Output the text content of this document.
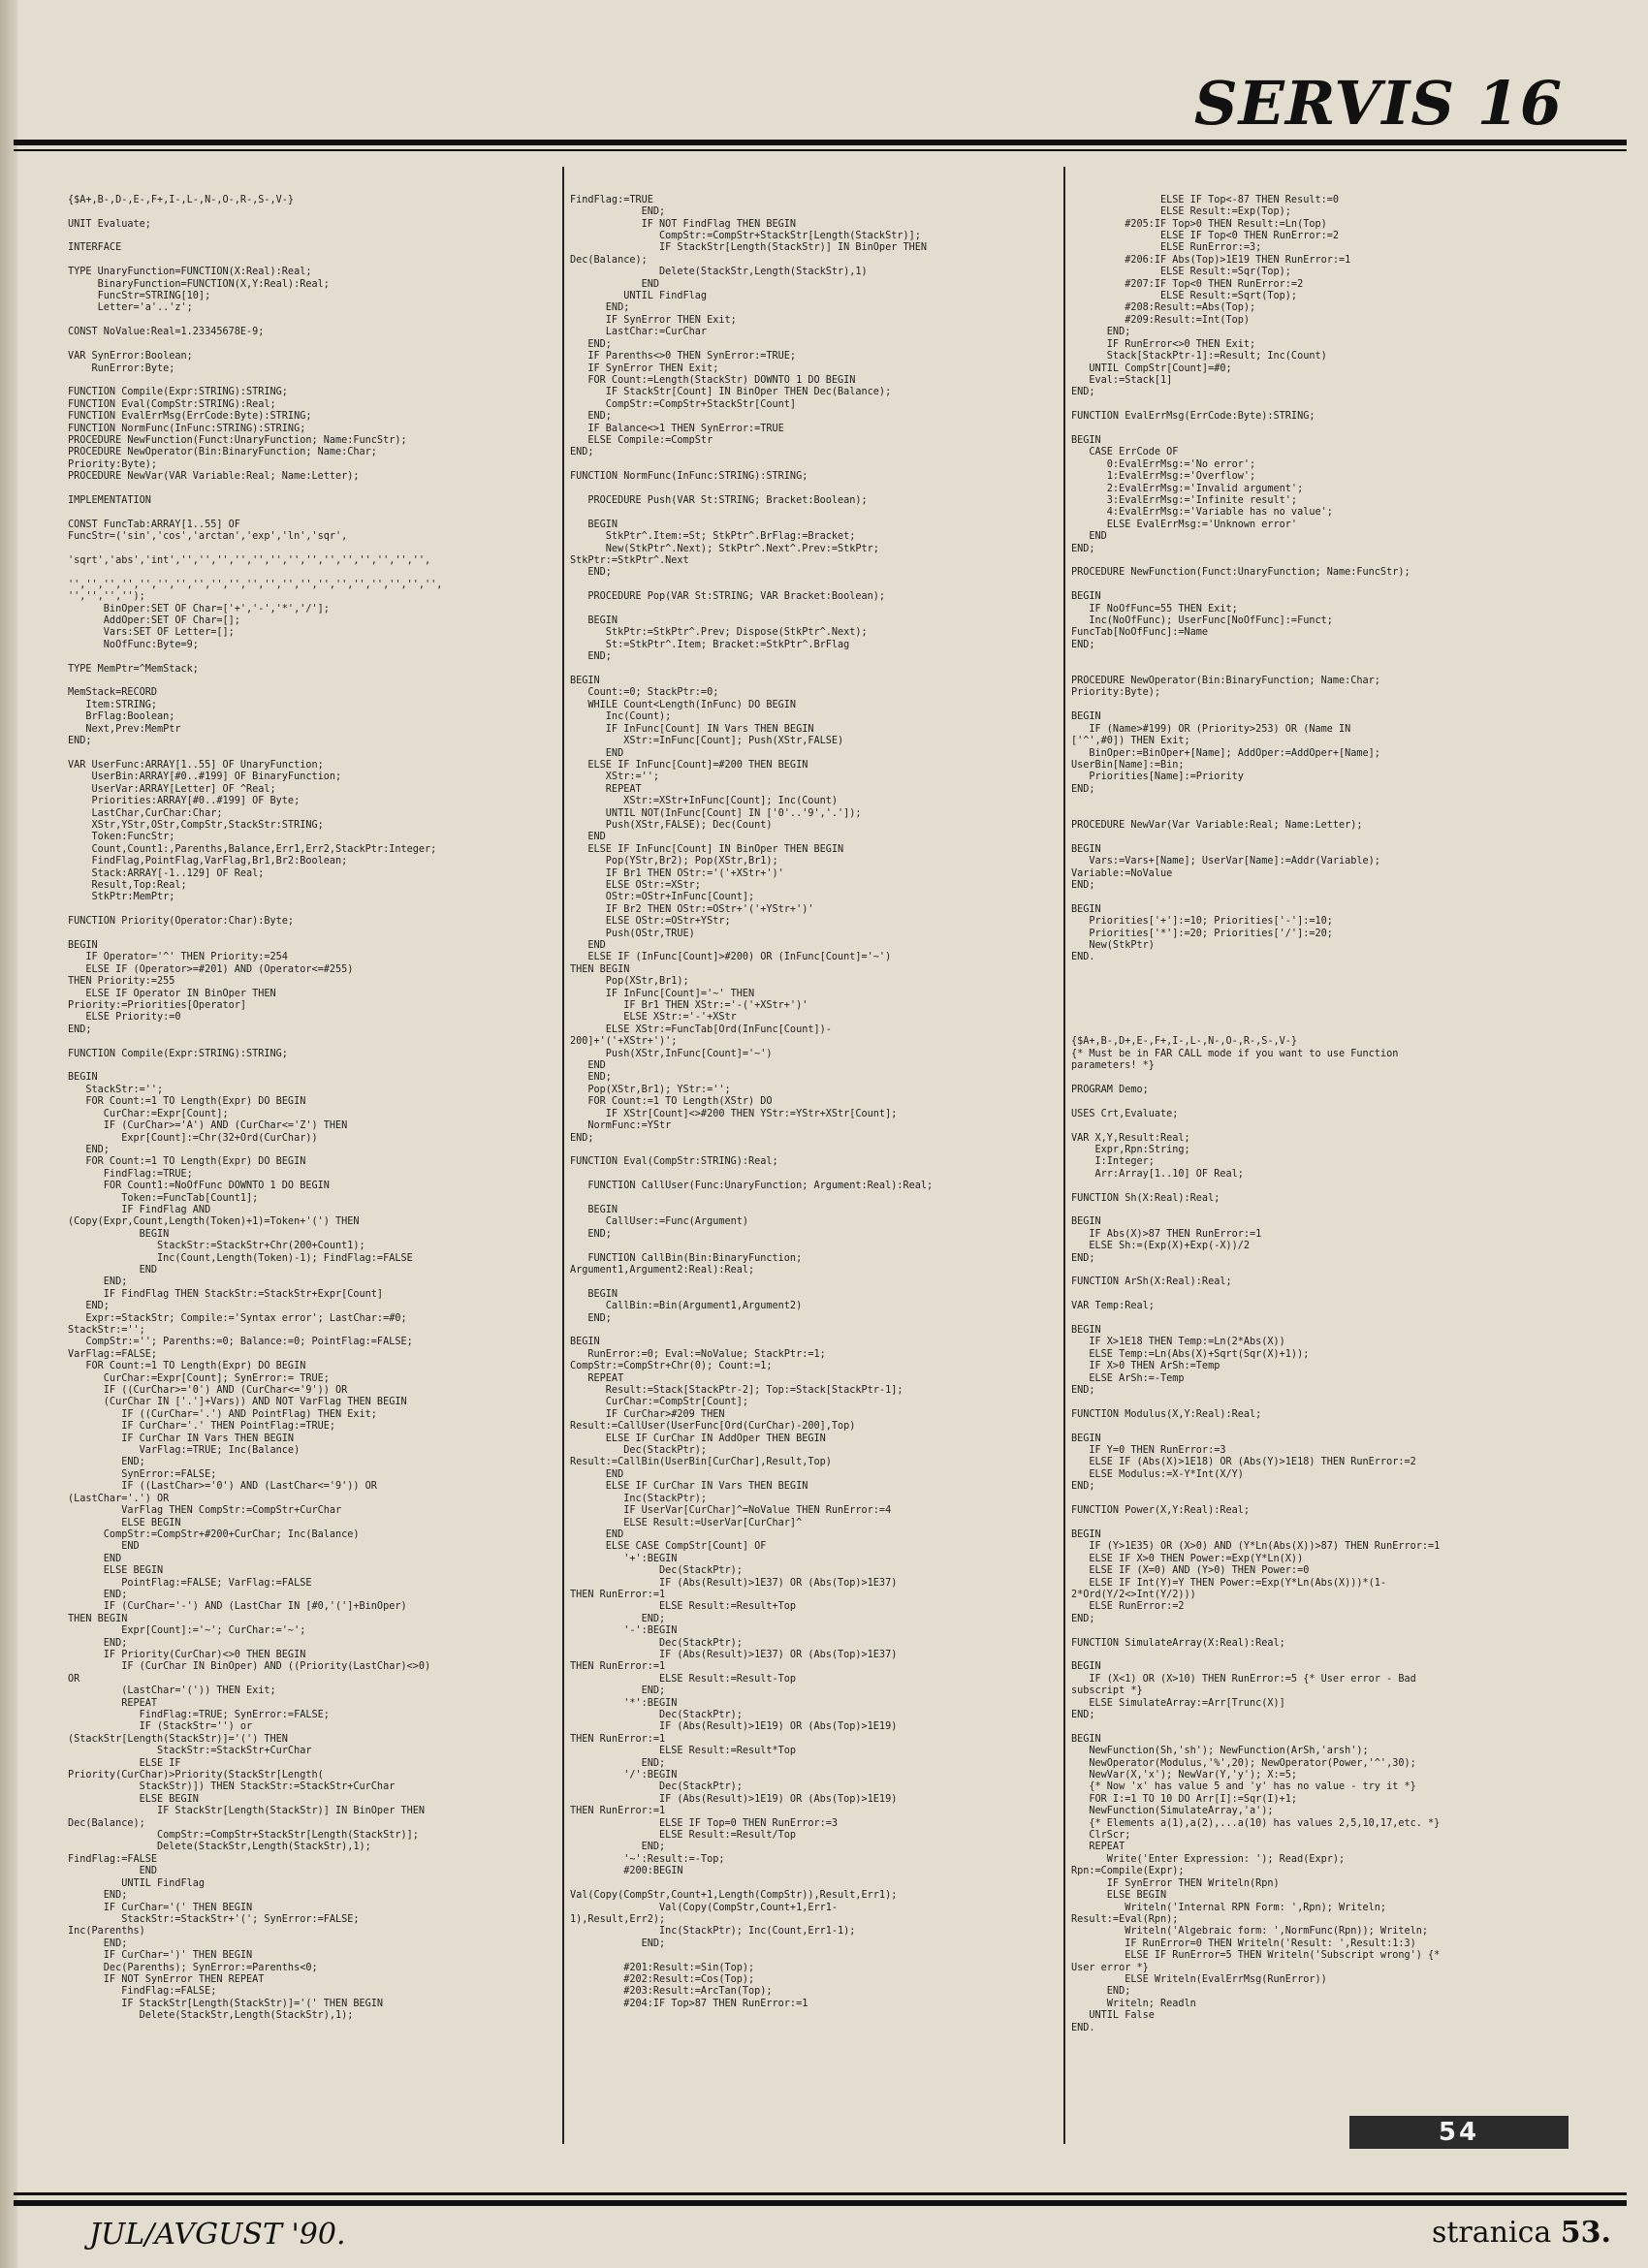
SERVIS 16

{$A+,B-,D-,E-,F+,I-,L-,N-,O-,R-,S-,V-}

UNIT Evaluate;

INTERFACE

TYPE UnaryFunction=FUNCTION(X:Real):Real;
BinaryFunction=FUNCTION(X,Y:Real):Real;
FuncStr=STRING[10];
Letter='a'..'z';

CONST NoValue:Real=1.23345678E-9;

VAR SynError:Boolean;
RunError:Byte;

FUNCTION Compile(Expr:STRING):STRING;
FUNCTION Eval(CompStr:STRING):Real;
FUNCTION EvalErrMsg(ErrCode:Byte):STRING;
FUNCTION NormFunc(InFunc:STRING):STRING;
PROCEDURE NewFunction(Funct:UnaryFunction; Name:FuncStr);
PROCEDURE NewOperator(Bin:BinaryFunction; Name:Char;
Priority:Byte);
PROCEDURE NewVar(VAR Variable:Real; Name:Letter);

IMPLEMENTATION

CONST FuncTab:ARRAY[1..55] OF
FuncStr=('sin','cos','arctan','exp','ln','sqr',

'sqrt','abs','int','','','','','','','','','','','','','','',

'','','','','','','','','','','','','','','','','','','','','',
'','','','');
BinOper:SET OF Char=['+','-','*','/'];
AddOper:SET OF Char=[];
Vars:SET OF Letter=[];
NoOfFunc:Byte=9;

TYPE MemPtr=^MemStack;

MemStack=RECORD
Item:STRING;
BrFlag:Boolean;
Next,Prev:MemPtr
END;

VAR UserFunc:ARRAY[1..55] OF UnaryFunction;
UserBin:ARRAY[#0..#199] OF BinaryFunction;
UserVar:ARRAY[Letter] OF ^Real;
Priorities:ARRAY[#0..#199] OF Byte;
LastChar,CurChar:Char;
XStr,YStr,OStr,CompStr,StackStr:STRING;
Token:FuncStr;
Count,Count1:,Parenths,Balance,Err1,Err2,StackPtr:Integer;
FindFlag,PointFlag,VarFlag,Br1,Br2:Boolean;
Stack:ARRAY[-1..129] OF Real;
Result,Top:Real;
StkPtr:MemPtr;

FUNCTION Priority(Operator:Char):Byte;

BEGIN
IF Operator='^' THEN Priority:=254
ELSE IF (Operator>=#201) AND (Operator<=#255)
THEN Priority:=255
ELSE IF Operator IN BinOper THEN
Priority:=Priorities[Operator]
ELSE Priority:=0
END;

FUNCTION Compile(Expr:STRING):STRING;

BEGIN
StackStr:='';
FOR Count:=1 TO Length(Expr) DO BEGIN
CurChar:=Expr[Count];
IF (CurChar>='A') AND (CurChar<='Z') THEN
Expr[Count]:=Chr(32+Ord(CurChar))
END;
FOR Count:=1 TO Length(Expr) DO BEGIN
FindFlag:=TRUE;
FOR Count1:=NoOfFunc DOWNTO 1 DO BEGIN
Token:=FuncTab[Count1];
IF FindFlag AND
(Copy(Expr,Count,Length(Token)+1)=Token+'(') THEN
BEGIN
StackStr:=StackStr+Chr(200+Count1);
Inc(Count,Length(Token)-1); FindFlag:=FALSE
END
END;
IF FindFlag THEN StackStr:=StackStr+Expr[Count]
END;
Expr:=StackStr; Compile:='Syntax error'; LastChar:=#0;
StackStr:='';
CompStr:=''; Parenths:=0; Balance:=0; PointFlag:=FALSE;
VarFlag:=FALSE;
FOR Count:=1 TO Length(Expr) DO BEGIN
CurChar:=Expr[Count]; SynError:= TRUE;
IF ((CurChar>='0') AND (CurChar<='9')) OR
(CurChar IN ['.']+Vars)) AND NOT VarFlag THEN BEGIN
IF ((CurChar='.') AND PointFlag) THEN Exit;
IF CurChar='.' THEN PointFlag:=TRUE;
IF CurChar IN Vars THEN BEGIN
VarFlag:=TRUE; Inc(Balance)
END;
SynError:=FALSE;
IF ((LastChar>='0') AND (LastChar<='9')) OR
(LastChar='.') OR
VarFlag THEN CompStr:=CompStr+CurChar
ELSE BEGIN
CompStr:=CompStr+#200+CurChar; Inc(Balance)
END
END
ELSE BEGIN
PointFlag:=FALSE; VarFlag:=FALSE
END;
IF (CurChar='-') AND (LastChar IN [#0,'(']+BinOper)
THEN BEGIN
Expr[Count]:='~'; CurChar:='~';
END;
IF Priority(CurChar)<>0 THEN BEGIN
IF (CurChar IN BinOper) AND ((Priority(LastChar)<>0)
OR
(LastChar='(')) THEN Exit;
REPEAT
FindFlag:=TRUE; SynError:=FALSE;
IF (StackStr='') or
(StackStr[Length(StackStr)]='(') THEN
StackStr:=StackStr+CurChar
ELSE IF
Priority(CurChar)>Priority(StackStr[Length(
StackStr)]) THEN StackStr:=StackStr+CurChar
ELSE BEGIN
IF StackStr[Length(StackStr)] IN BinOper THEN
Dec(Balance);
CompStr:=CompStr+StackStr[Length(StackStr)];
Delete(StackStr,Length(StackStr),1);
FindFlag:=FALSE
END
UNTIL FindFlag
END;
IF CurChar='(' THEN BEGIN
StackStr:=StackStr+'('; SynError:=FALSE;
Inc(Parenths)
END;
IF CurChar=')' THEN BEGIN
Dec(Parenths); SynError:=Parenths<0;
IF NOT SynError THEN REPEAT
FindFlag:=FALSE;
IF StackStr[Length(StackStr)]='(' THEN BEGIN
Delete(StackStr,Length(StackStr),1);

FindFlag:=TRUE
END;
IF NOT FindFlag THEN BEGIN
CompStr:=CompStr+StackStr[Length(StackStr)];
IF StackStr[Length(StackStr)] IN BinOper THEN
Dec(Balance);
Delete(StackStr,Length(StackStr),1)
END
UNTIL FindFlag
END;
IF SynError THEN Exit;
LastChar:=CurChar
END;
IF Parenths<>0 THEN SynError:=TRUE;
IF SynError THEN Exit;
FOR Count:=Length(StackStr) DOWNTO 1 DO BEGIN
IF StackStr[Count] IN BinOper THEN Dec(Balance);
CompStr:=CompStr+StackStr[Count]
END;
IF Balance<>1 THEN SynError:=TRUE
ELSE Compile:=CompStr
END;

FUNCTION NormFunc(InFunc:STRING):STRING;

PROCEDURE Push(VAR St:STRING; Bracket:Boolean);

BEGIN
StkPtr^.Item:=St; StkPtr^.BrFlag:=Bracket;
New(StkPtr^.Next); StkPtr^.Next^.Prev:=StkPtr;
StkPtr:=StkPtr^.Next
END;

PROCEDURE Pop(VAR St:STRING; VAR Bracket:Boolean);

BEGIN
StkPtr:=StkPtr^.Prev; Dispose(StkPtr^.Next);
St:=StkPtr^.Item; Bracket:=StkPtr^.BrFlag
END;

BEGIN
Count:=0; StackPtr:=0;
WHILE Count<Length(InFunc) DO BEGIN
Inc(Count);
IF InFunc[Count] IN Vars THEN BEGIN
XStr:=InFunc[Count]; Push(XStr,FALSE)
END
ELSE IF InFunc[Count]=#200 THEN BEGIN
XStr:='';
REPEAT
XStr:=XStr+InFunc[Count]; Inc(Count)
UNTIL NOT(InFunc[Count] IN ['0'..'9','.']);
Push(XStr,FALSE); Dec(Count)
END
ELSE IF InFunc[Count] IN BinOper THEN BEGIN
Pop(YStr,Br2); Pop(XStr,Br1);
IF Br1 THEN OStr:='('+XStr+')'
ELSE OStr:=XStr;
OStr:=OStr+InFunc[Count];
IF Br2 THEN OStr:=OStr+'('+YStr+')'
ELSE OStr:=OStr+YStr;
Push(OStr,TRUE)
END
ELSE IF (InFunc[Count]>#200) OR (InFunc[Count]='~')
THEN BEGIN
Pop(XStr,Br1);
IF InFunc[Count]='~' THEN
IF Br1 THEN XStr:='-('+XStr+')'
ELSE XStr:='-'+XStr
ELSE XStr:=FuncTab[Ord(InFunc[Count])-
200]+'('+XStr+')';
Push(XStr,InFunc[Count]='~')
END
END;
Pop(XStr,Br1); YStr:='';
FOR Count:=1 TO Length(XStr) DO
IF XStr[Count]<>#200 THEN YStr:=YStr+XStr[Count];
NormFunc:=YStr
END;

FUNCTION Eval(CompStr:STRING):Real;

FUNCTION CallUser(Func:UnaryFunction; Argument:Real):Real;

BEGIN
CallUser:=Func(Argument)
END;

FUNCTION CallBin(Bin:BinaryFunction;
Argument1,Argument2:Real):Real;

BEGIN
CallBin:=Bin(Argument1,Argument2)
END;

BEGIN
RunError:=0; Eval:=NoValue; StackPtr:=1;
CompStr:=CompStr+Chr(0); Count:=1;
REPEAT
Result:=Stack[StackPtr-2]; Top:=Stack[StackPtr-1];
CurChar:=CompStr[Count];
IF CurChar>#209 THEN
Result:=CallUser(UserFunc[Ord(CurChar)-200],Top)
ELSE IF CurChar IN AddOper THEN BEGIN
Dec(StackPtr);
Result:=CallBin(UserBin[CurChar],Result,Top)
END
ELSE IF CurChar IN Vars THEN BEGIN
Inc(StackPtr);
IF UserVar[CurChar]^=NoValue THEN RunError:=4
ELSE Result:=UserVar[CurChar]^
END
ELSE CASE CompStr[Count] OF
'+':BEGIN
Dec(StackPtr);
IF (Abs(Result)>1E37) OR (Abs(Top)>1E37)
THEN RunError:=1
ELSE Result:=Result+Top
END;
'-':BEGIN
Dec(StackPtr);
IF (Abs(Result)>1E37) OR (Abs(Top)>1E37)
THEN RunError:=1
ELSE Result:=Result-Top
END;
'*':BEGIN
Dec(StackPtr);
IF (Abs(Result)>1E19) OR (Abs(Top)>1E19)
THEN RunError:=1
ELSE Result:=Result*Top
END;
'/':BEGIN
Dec(StackPtr);
IF (Abs(Result)>1E19) OR (Abs(Top)>1E19)
THEN RunError:=1
ELSE IF Top=0 THEN RunError:=3
ELSE Result:=Result/Top
END;
'~':Result:=-Top;
#200:BEGIN

Val(Copy(CompStr,Count+1,Length(CompStr)),Result,Err1);
Val(Copy(CompStr,Count+1,Err1-
1),Result,Err2);
Inc(StackPtr); Inc(Count,Err1-1);
END;

#201:Result:=Sin(Top);
#202:Result:=Cos(Top);
#203:Result:=ArcTan(Top);
#204:IF Top>87 THEN RunError:=1

ELSE IF Top<-87 THEN Result:=0
ELSE Result:=Exp(Top);
#205:IF Top>0 THEN Result:=Ln(Top)
ELSE IF Top<0 THEN RunError:=2
ELSE RunError:=3;
#206:IF Abs(Top)>1E19 THEN RunError:=1
ELSE Result:=Sqr(Top);
#207:IF Top<0 THEN RunError:=2
ELSE Result:=Sqrt(Top);
#208:Result:=Abs(Top);
#209:Result:=Int(Top)
END;
IF RunError<>0 THEN Exit;
Stack[StackPtr-1]:=Result; Inc(Count)
UNTIL CompStr[Count]=#0;
Eval:=Stack[1]
END;

FUNCTION EvalErrMsg(ErrCode:Byte):STRING;

BEGIN
CASE ErrCode OF
0:EvalErrMsg:='No error';
1:EvalErrMsg:='Overflow';
2:EvalErrMsg:='Invalid argument';
3:EvalErrMsg:='Infinite result';
4:EvalErrMsg:='Variable has no value';
ELSE EvalErrMsg:='Unknown error'
END
END;

PROCEDURE NewFunction(Funct:UnaryFunction; Name:FuncStr);

BEGIN
IF NoOfFunc=55 THEN Exit;
Inc(NoOfFunc); UserFunc[NoOfFunc]:=Funct;
FuncTab[NoOfFunc]:=Name
END;

PROCEDURE NewOperator(Bin:BinaryFunction; Name:Char;
Priority:Byte);

BEGIN
IF (Name>#199) OR (Priority>253) OR (Name IN
['^',#0]) THEN Exit;
BinOper:=BinOper+[Name]; AddOper:=AddOper+[Name];
UserBin[Name]:=Bin;
Priorities[Name]:=Priority
END;

PROCEDURE NewVar(Var Variable:Real; Name:Letter);

BEGIN
Vars:=Vars+[Name]; UserVar[Name]:=Addr(Variable);
Variable:=NoValue
END;

BEGIN
Priorities['+']:=10; Priorities['-']:=10;
Priorities['*']:=20; Priorities['/']:=20;
New(StkPtr)
END.

{$A+,B-,D+,E-,F+,I-,L-,N-,O-,R-,S-,V-}
{* Must be in FAR CALL mode if you want to use Function
parameters! *}

PROGRAM Demo;

USES Crt,Evaluate;

VAR X,Y,Result:Real;
Expr,Rpn:String;
I:Integer;
Arr:Array[1..10] OF Real;

FUNCTION Sh(X:Real):Real;

BEGIN
IF Abs(X)>87 THEN RunError:=1
ELSE Sh:=(Exp(X)+Exp(-X))/2
END;

FUNCTION ArSh(X:Real):Real;

VAR Temp:Real;

BEGIN
IF X>1E18 THEN Temp:=Ln(2*Abs(X))
ELSE Temp:=Ln(Abs(X)+Sqrt(Sqr(X)+1));
IF X>0 THEN ArSh:=Temp
ELSE ArSh:=-Temp
END;

FUNCTION Modulus(X,Y:Real):Real;

BEGIN
IF Y=0 THEN RunError:=3
ELSE IF (Abs(X)>1E18) OR (Abs(Y)>1E18) THEN RunError:=2
ELSE Modulus:=X-Y*Int(X/Y)
END;

FUNCTION Power(X,Y:Real):Real;

BEGIN
IF (Y>1E35) OR (X>0) AND (Y*Ln(Abs(X))>87) THEN RunError:=1
ELSE IF X>0 THEN Power:=Exp(Y*Ln(X))
ELSE IF (X=0) AND (Y>0) THEN Power:=0
ELSE IF Int(Y)=Y THEN Power:=Exp(Y*Ln(Abs(X)))*(1-
2*Ord(Y/2<>Int(Y/2)))
ELSE RunError:=2
END;

FUNCTION SimulateArray(X:Real):Real;

BEGIN
IF (X<1) OR (X>10) THEN RunError:=5 {* User error - Bad
subscript *}
ELSE SimulateArray:=Arr[Trunc(X)]
END;

BEGIN
NewFunction(Sh,'sh'); NewFunction(ArSh,'arsh');
NewOperator(Modulus,'%',20); NewOperator(Power,'^',30);
NewVar(X,'x'); NewVar(Y,'y'); X:=5;
{* Now 'x' has value 5 and 'y' has no value - try it *}
FOR I:=1 TO 10 DO Arr[I]:=Sqr(I)+1;
NewFunction(SimulateArray,'a');
{* Elements a(1),a(2),...a(10) has values 2,5,10,17,etc. *}
ClrScr;
REPEAT
Write('Enter Expression: '); Read(Expr);
Rpn:=Compile(Expr);
IF SynError THEN Writeln(Rpn)
ELSE BEGIN
Writeln('Internal RPN Form: ',Rpn); Writeln;
Result:=Eval(Rpn);
Writeln('Algebraic form: ',NormFunc(Rpn)); Writeln;
IF RunError=0 THEN Writeln('Result: ',Result:1:3)
ELSE IF RunError=5 THEN Writeln('Subscript wrong') {*
User error *}
ELSE Writeln(EvalErrMsg(RunError))
END;
Writeln; Readln
UNTIL False
END.

54
JUL/AVGUST '90.	stranica 53.
